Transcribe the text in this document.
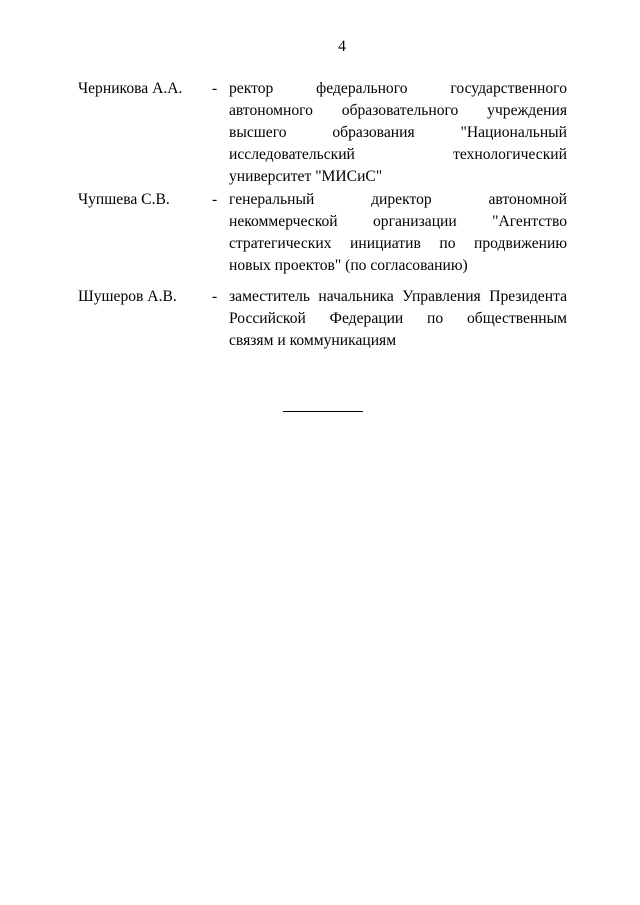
4
Черникова А.А. - ректор федерального государственного
автономного образовательного учреждения
высшего образования "Национальный
исследовательский технологический
университет "МИСиС"
Чупшева С.В.	- генеральный директор автономной
некоммерческой организации "Агентство
стратегических инициатив по продвижению
новых проектов" (по согласованию)
Шушеров А.В. - заместитель начальника Управления Президента
Российской Федерации по общественным
связям и коммуникациям
